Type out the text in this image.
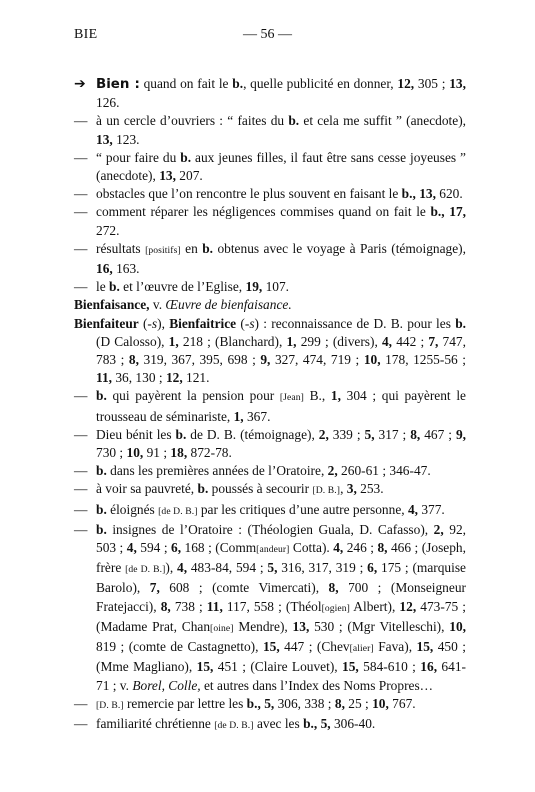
BIE	— 56 —
➔ Bien : quand on fait le b., quelle publicité en donner, 12, 305 ; 13, 126.
— à un cercle d’ouvriers : “ faites du b. et cela me suffit ” (anecdote), 13, 123.
— “ pour faire du b. aux jeunes filles, il faut être sans cesse joyeuses ” (anecdote), 13, 207.
— obstacles que l’on rencontre le plus souvent en faisant le b., 13, 620.
— comment réparer les négligences commises quand on fait le b., 17, 272.
— résultats [positifs] en b. obtenus avec le voyage à Paris (témoignage), 16, 163.
— le b. et l’œuvre de l’Eglise, 19, 107.
Bienfaisance, v. Œuvre de bienfaisance.
Bienfaiteur (-s), Bienfaitrice (-s) : reconnaissance de D. B. pour les b. (D Calosso), 1, 218 ; (Blanchard), 1, 299 ; (divers), 4, 442 ; 7, 747, 783 ; 8, 319, 367, 395, 698 ; 9, 327, 474, 719 ; 10, 178, 1255-56 ; 11, 36, 130 ; 12, 121.
— b. qui payèrent la pension pour [Jean] B., 1, 304 ; qui payèrent le trousseau de séminariste, 1, 367.
— Dieu bénit les b. de D. B. (témoignage), 2, 339 ; 5, 317 ; 8, 467 ; 9, 730 ; 10, 91 ; 18, 872-78.
— b. dans les premières années de l’Oratoire, 2, 260-61 ; 346-47.
— à voir sa pauvreté, b. poussés à secourir [D. B.], 3, 253.
— b. éloignés [de D. B.] par les critiques d’une autre personne, 4, 377.
— b. insignes de l’Oratoire : (Théologien Guala, D. Cafasso), 2, 92, 503 ; 4, 594 ; 6, 168 ; (Comm[andeur] Cotta). 4, 246 ; 8, 466 ; (Joseph, frère [de D. B.]), 4, 483-84, 594 ; 5, 316, 317, 319 ; 6, 175 ; (marquise Barolo), 7, 608 ; (comte Vimercati), 8, 700 ; (Monseigneur Fratejacci), 8, 738 ; 11, 117, 558 ; (Théol[ogien] Albert), 12, 473-75 ; (Madame Prat, Chan[oine] Mendre), 13, 530 ; (Mgr Vitelleschi), 10, 819 ; (comte de Castagnetto), 15, 447 ; (Chev[alier] Fava), 15, 450 ; (Mme Magliano), 15, 451 ; (Claire Louvet), 15, 584-610 ; 16, 641-71 ; v. Borel, Colle, et autres dans l’Index des Noms Propres…
— [D. B.] remercie par lettre les b., 5, 306, 338 ; 8, 25 ; 10, 767.
— familiarité chrétienne [de D. B.] avec les b., 5, 306-40.
